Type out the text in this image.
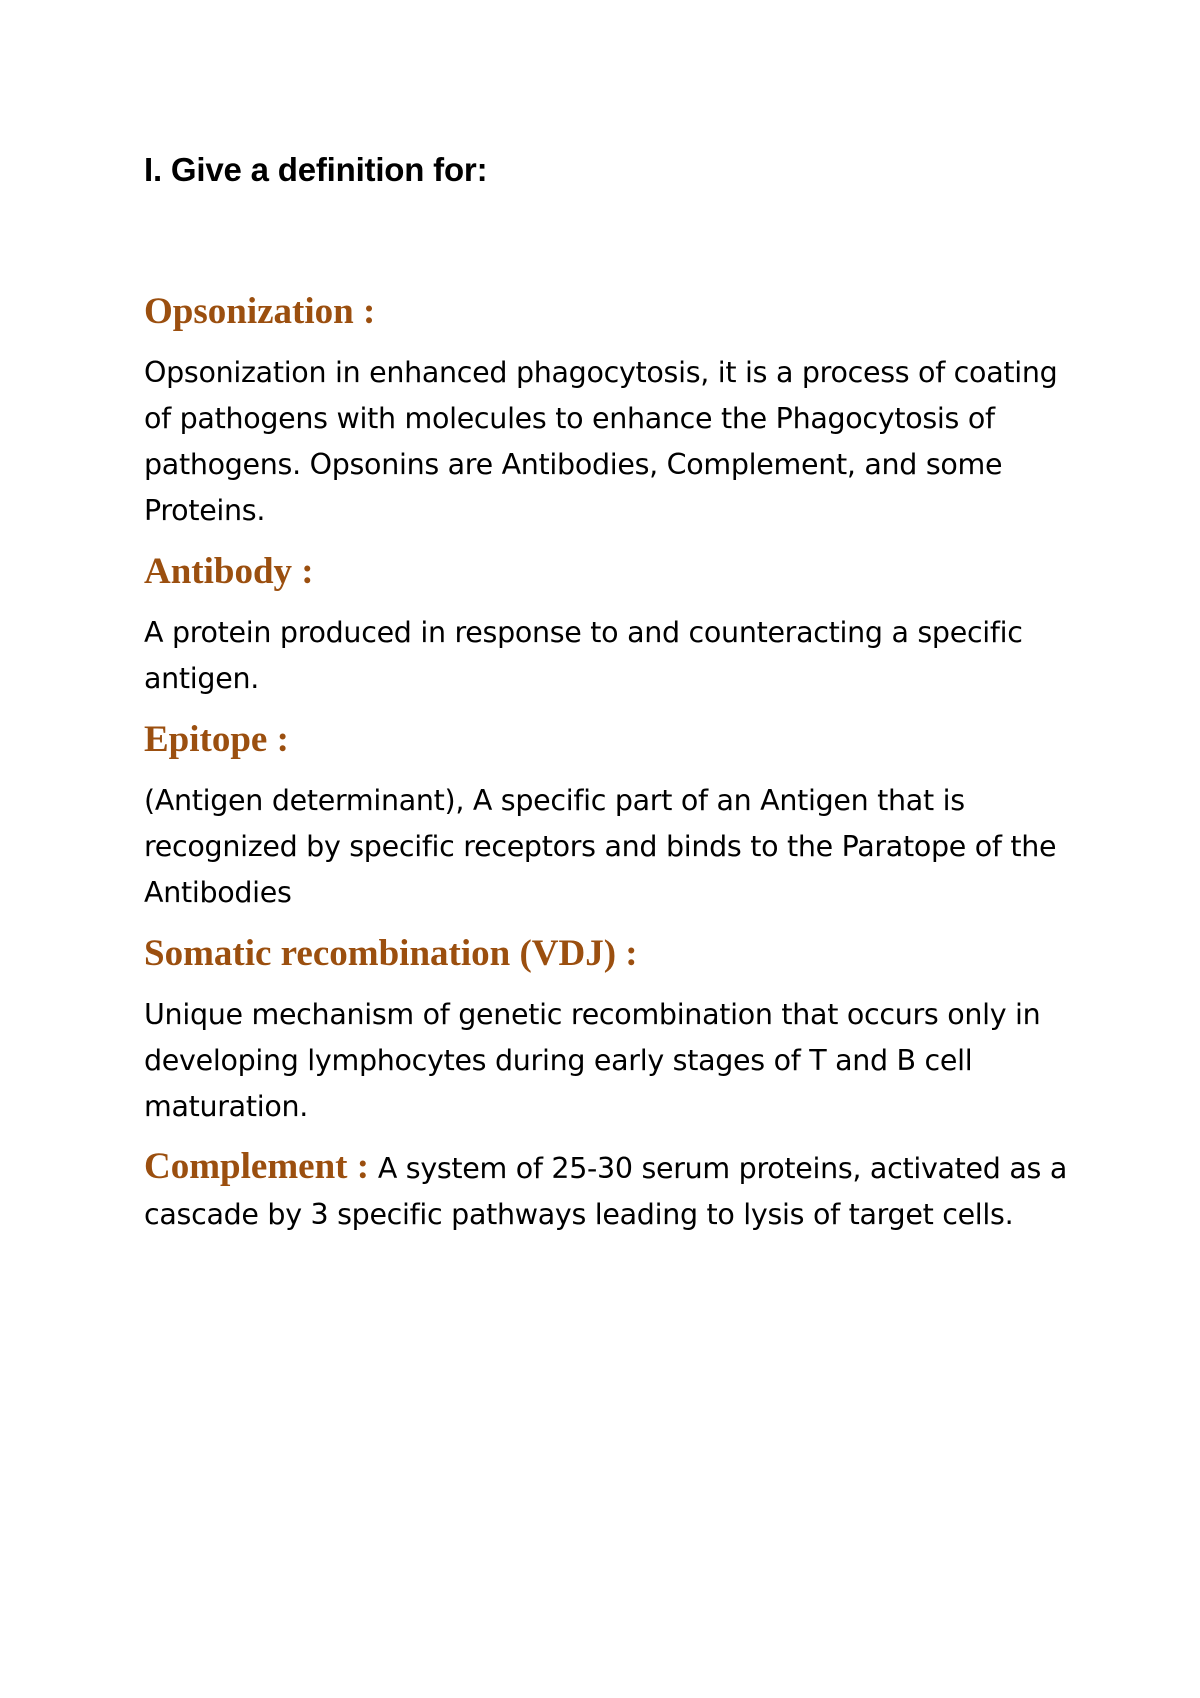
I. Give a definition for:
Opsonization :

Opsonization in enhanced phagocytosis, it is a process of coating of pathogens with molecules to enhance the Phagocytosis of pathogens. Opsonins are Antibodies, Complement, and some Proteins.

Antibody :

A protein produced in response to and counteracting a specific antigen.

Epitope :

(Antigen determinant), A specific part of an Antigen that is recognized by specific receptors and binds to the Paratope of the Antibodies

Somatic recombination (VDJ) :

Unique mechanism of genetic recombination that occurs only in developing lymphocytes during early stages of T and B cell maturation.

Complement : A system of 25-30 serum proteins, activated as a cascade by 3 specific pathways leading to lysis of target cells.
